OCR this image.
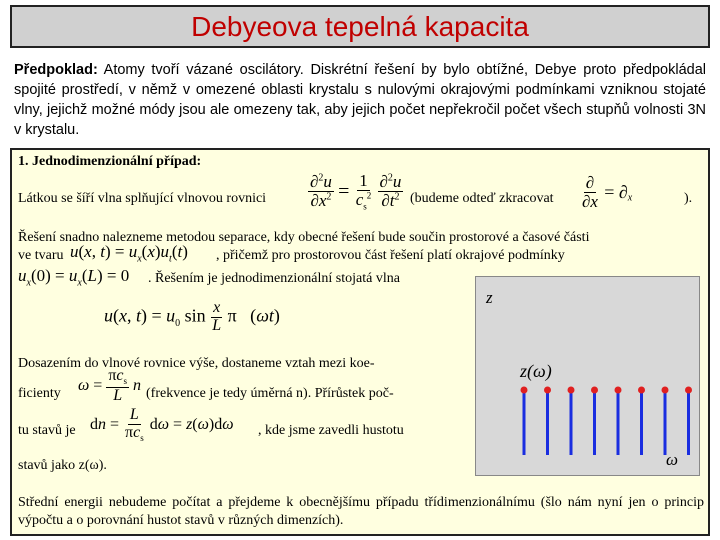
Debyeova tepelná kapacita
Předpoklad: Atomy tvoří vázané oscilátory. Diskrétní řešení by bylo obtížné, Debye proto předpokládal spojité prostředí, v němž v omezené oblasti krystalu s nulovými okrajovými podmínkami vzniknou stojaté vlny, jejichž možné módy jsou ale omezeny tak, aby jejich počet nepřekročil počet všech stupňů volnosti 3N v krystalu.
1. Jednodimenzionální případ:
Látkou se šíří vlna splňující vlnovou rovnici $\frac{\partial^2u}{\partial x^2} = \frac{1}{c_s^2}$
$\frac{\partial^2u}{\partial t^2}$ (budeme odteď zkracovat $\frac{\partial}{\partial x} = \partial_x$	).
Řešení snadno nalezneme metodou separace, kdy obecné řešení bude součin prostorové a časové části
ve tvaru u(x, $t) = u_x(x)u_t(t)$ , přičemž pro prostorovou část řešení platí okrajové podmínky
$u_x(0) = u_x(L) = 0$ . Řešením je jednodimenzionální stojatá vlna
u(x, $t) = u_0$ $\sin \frac{x}{L}$ π   (ωt)
Dosazením do vlnové rovnice výše, dostaneme vztah mezi koe-
ficienty $\omega = \frac{\pi c_s}{L}$ n (frekvence je tedy úměrná n). Přírůstek poč-
tu stavů je dn = $\frac{L}{\pi c_s}$ dω = z(ω)dω , kde jsme zavedli hustotu
stavů jako z(ω).
z
z(ω)
ω
Střední energii nebudeme počítat a přejdeme k obecnějšímu případu třídimenzionálnímu (šlo nám nyní jen o princip výpočtu a o porovnání hustot stavů v různých dimenzích).
